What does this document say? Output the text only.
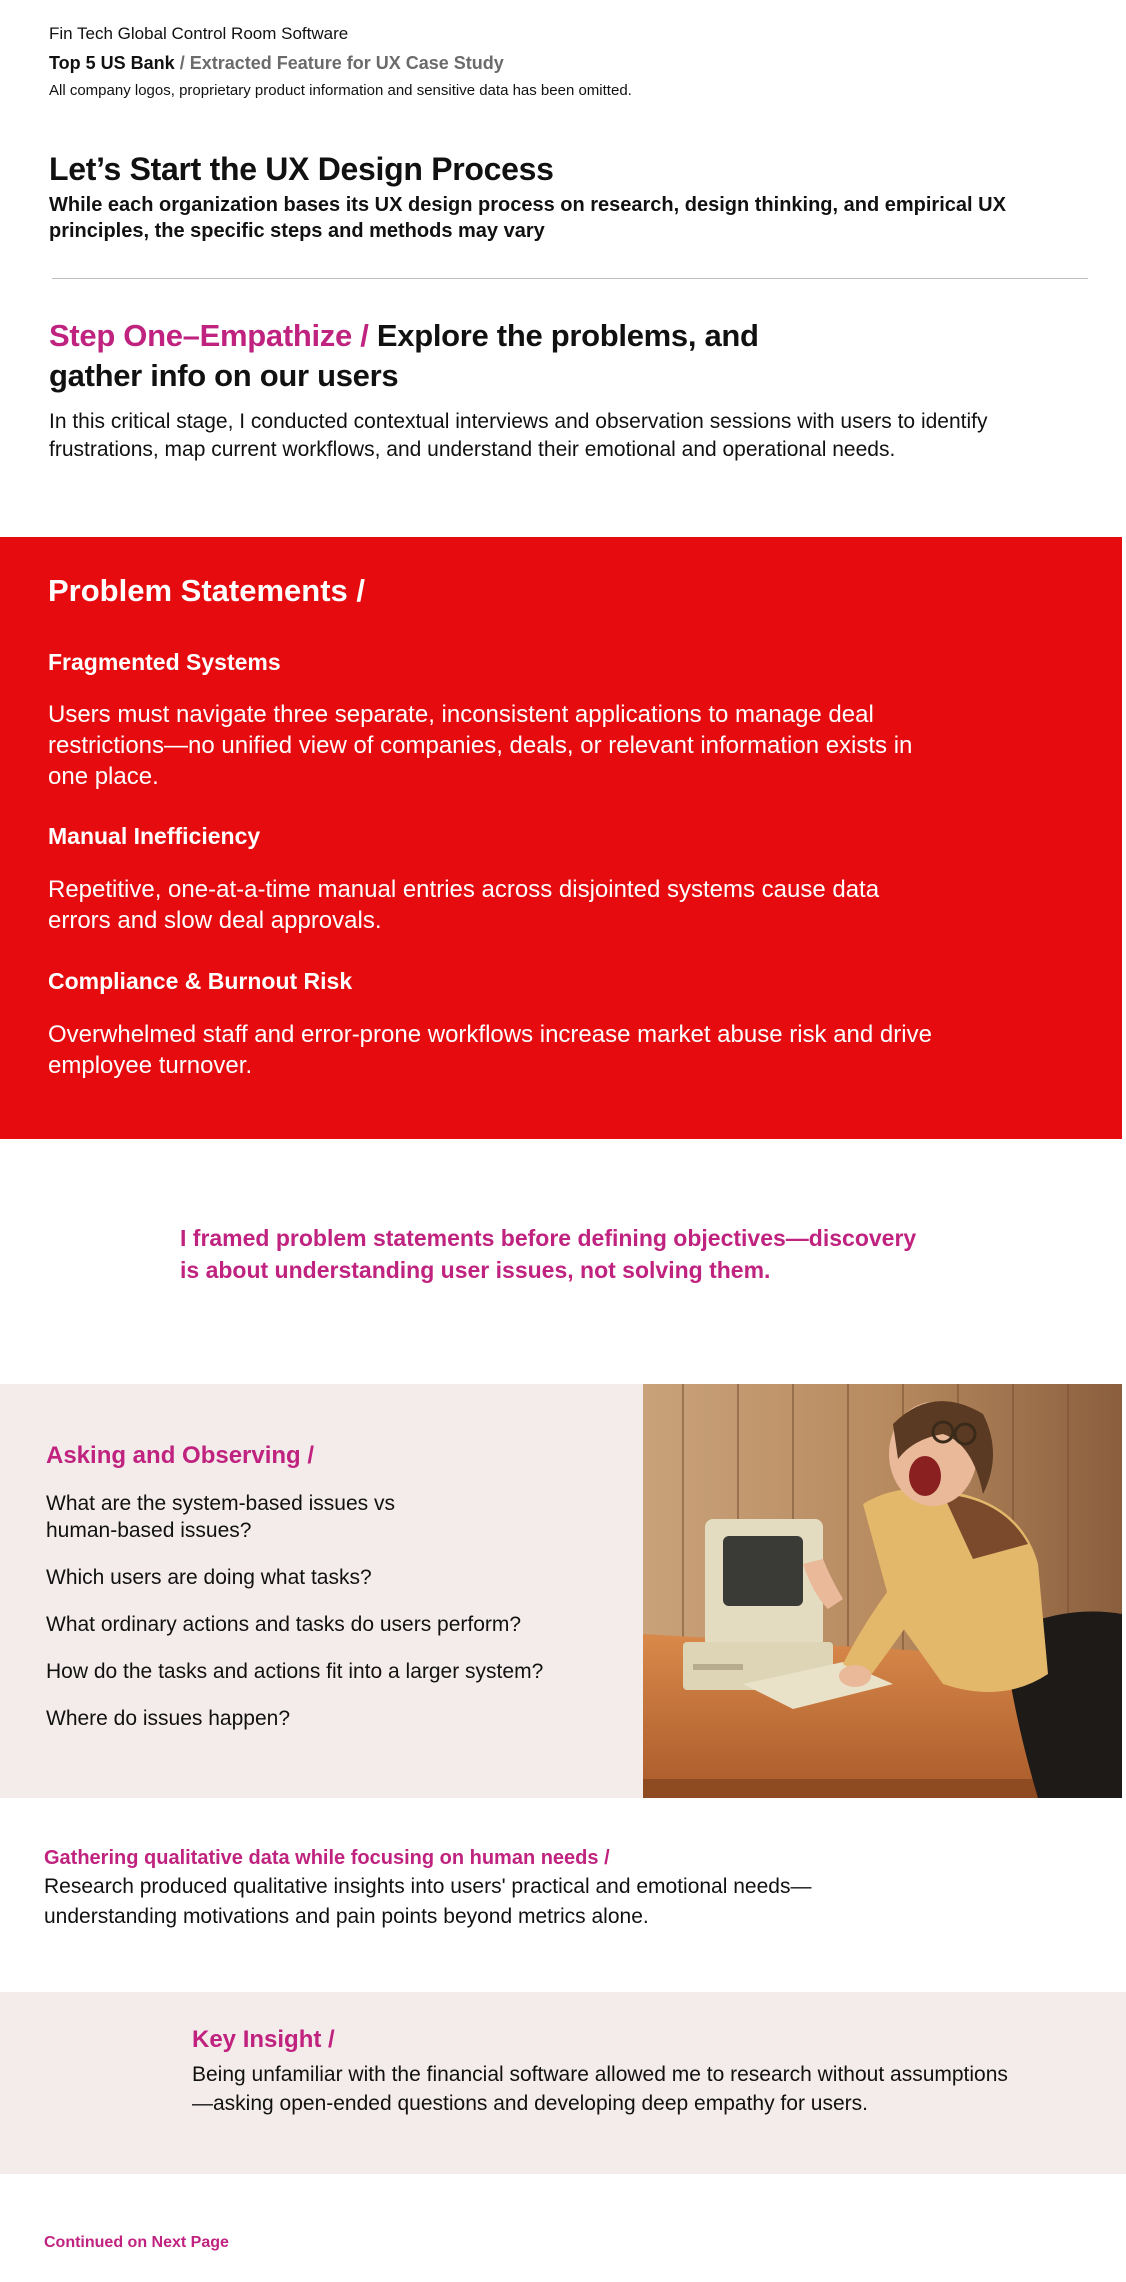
Fin Tech Global Control Room Software
Top 5 US Bank / Extracted Feature for UX Case Study
All company logos, proprietary product information and sensitive data has been omitted.
Let’s Start the UX Design Process

While each organization bases its UX design process on research, design thinking, and empirical UX principles, the specific steps and methods may vary

Step One–Empathize / Explore the problems, and gather info on our users

In this critical stage, I conducted contextual interviews and observation sessions with users to identify frustrations, map current workflows, and understand their emotional and operational needs.

Problem Statements /
Fragmented Systems
Users must navigate three separate, inconsistent applications to manage deal restrictions—no unified view of companies, deals, or relevant information exists in one place.
Manual Inefficiency
Repetitive, one-at-a-time manual entries across disjointed systems cause data errors and slow deal approvals.
Compliance & Burnout Risk
Overwhelmed staff and error-prone workflows increase market abuse risk and drive employee turnover.
I framed problem statements before defining objectives—discovery is about understanding user issues, not solving them.
Asking and Observing /
What are the system-based issues vs human-based issues?
Which users are doing what tasks?
What ordinary actions and tasks do users perform?
How do the tasks and actions fit into a larger system?
Where do issues happen?
Gathering qualitative data while focusing on human needs /

Research produced qualitative insights into users' practical and emotional needs—understanding motivations and pain points beyond metrics alone.

Key Insight /

Being unfamiliar with the financial software allowed me to research without assumptions—asking open-ended questions and developing deep empathy for users.

Continued on Next Page
